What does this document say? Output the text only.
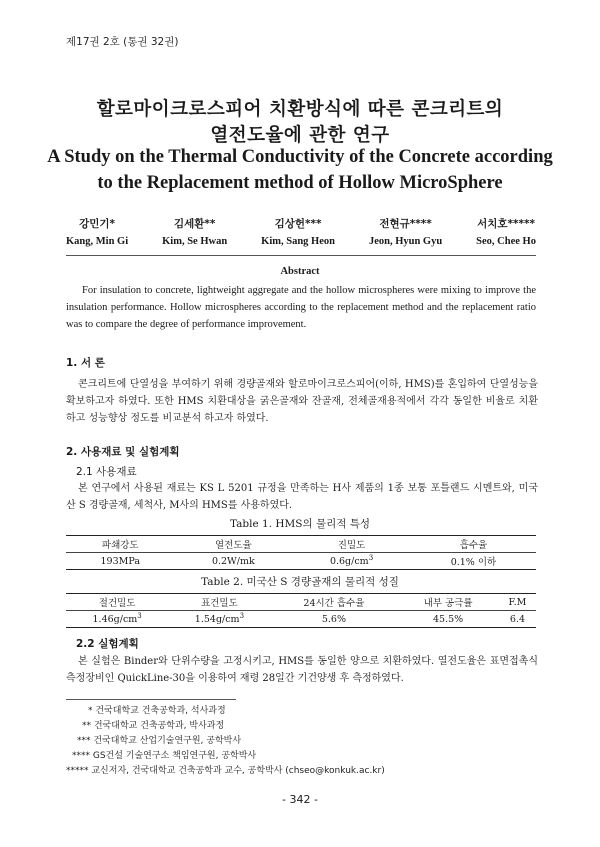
제17권 2호 (통권 32권)
할로마이크로스피어 치환방식에 따른 콘크리트의
열전도율에 관한 연구
A Study on the Thermal Conductivity of the Concrete according
to the Replacement method of Hollow MicroSphere
강민기*
Kang, Min Gi
김세환**
Kim, Se Hwan
김상헌***
Kim, Sang Heon
전현규****
Jeon, Hyun Gyu
서치호*****
Seo, Chee Ho
Abstract
For insulation to concrete, lightweight aggregate and the hollow microspheres were mixing to improve the insulation performance. Hollow microspheres according to the replacement method and the replacement ratio was to compare the degree of performance improvement.
1. 서 론
콘크리트에 단열성을 부여하기 위해 경량골재와 할로마이크로스피어(이하, HMS)를 혼입하여 단열성능을 확보하고자 하였다. 또한 HMS 치환대상을 굵은골재와 잔골재, 전체골재용적에서 각각 동일한 비율로 치환하고 성능향상 정도를 비교분석 하고자 하였다.
2. 사용재료 및 실험계획
2.1 사용재료
본 연구에서 사용된 재료는 KS L 5201 규정을 만족하는 H사 제품의 1종 보통 포틀랜드 시멘트와, 미국산 S 경량골재, 세척사, M사의 HMS를 사용하였다.
Table 1. HMS의 물리적 특성
파쇄강도	열전도율	진밀도	흡수율
193MPa	0.2W/mk	$0.6g/cm^3$	0.1% 이하
Table 2. 미국산 S 경량골재의 물리적 성질
절건밀도	표건밀도	24시간 흡수율	내부 공극률	F.M
$1.46g/cm^3$	$1.54g/cm^3$	5.6%	45.5%	6.4
2.2 실험계획
본 실험은 Binder와 단위수량을 고정시키고, HMS를 동일한 양으로 치환하였다. 열전도율은 표면접촉식 측정장비인 QuickLine-30을 이용하여 재령 28일간 기건양생 후 측정하였다.
* 건국대학교 건축공학과, 석사과정
** 건국대학교 건축공학과, 박사과정
*** 건국대학교 산업기술연구원, 공학박사
**** GS건설 기술연구소 책임연구원, 공학박사
***** 교신저자, 건국대학교 건축공학과 교수, 공학박사 (chseo@konkuk.ac.kr)
- 342 -
